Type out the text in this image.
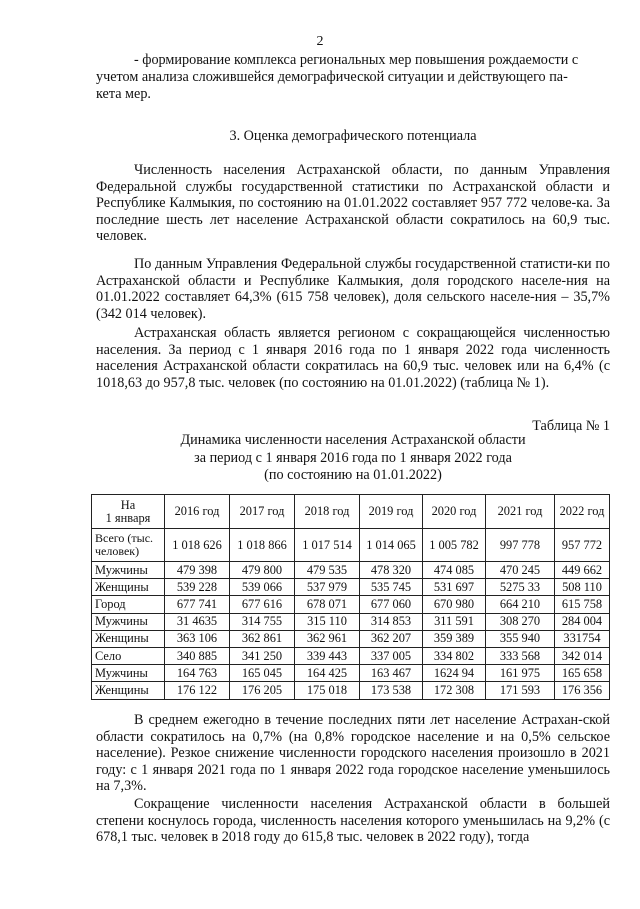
2

- формирование комплекса региональных мер повышения рождаемости с

учетом анализа сложившейся демографической ситуации и действующего па-

кета мер.

3. Оценка демографического потенциала

Численность населения Астраханской области, по данным Управления Федеральной службы государственной статистики по Астраханской области и Республике Калмыкия, по состоянию на 01.01.2022 составляет 957 772 челове-ка. За последние шесть лет население Астраханской области сократилось на 60,9 тыс. человек.

По данным Управления Федеральной службы государственной статисти-ки по Астраханской области и Республике Калмыкия, доля городского населе-ния на 01.01.2022 составляет 64,3% (615 758 человек), доля сельского населе-ния – 35,7% (342 014 человек).

Астраханская область является регионом с сокращающейся численностью населения. За период с 1 января 2016 года по 1 января 2022 года численность населения Астраханской области сократилась на 60,9 тыс. человек или на 6,4% (с 1018,63 до 957,8 тыс. человек (по состоянию на 01.01.2022) (таблица № 1).

Таблица № 1
Динамика численности населения Астраханской области
за период с 1 января 2016 года по 1 января 2022 года
(по состоянию на 01.01.2022)
На
1 января	2016 год	2017 год	2018 год	2019 год	2020 год	2021 год	2022 год

Всего (тыс.
человек)	1 018 626	1 018 866	1 017 514	1 014 065	1 005 782	997 778	957 772
Мужчины	479 398	479 800	479 535	478 320	474 085	470 245	449 662
Женщины	539 228	539 066	537 979	535 745	531 697	5275 33	508 110
Город	677 741	677 616	678 071	677 060	670 980	664 210	615 758
Мужчины	31 4635	314 755	315 110	314 853	311 591	308 270	284 004
Женщины	363 106	362 861	362 961	362 207	359 389	355 940	331754
Село	340 885	341 250	339 443	337 005	334 802	333 568	342 014
Мужчины	164 763	165 045	164 425	163 467	1624 94	161 975	165 658
Женщины	176 122	176 205	175 018	173 538	172 308	171 593	176 356

В среднем ежегодно в течение последних пяти лет население Астрахан-ской области сократилось на 0,7% (на 0,8% городское население и на 0,5% сельское население). Резкое снижение численности городского населения произошло в 2021 году: с 1 января 2021 года по 1 января 2022 года городское население уменьшилось на 7,3%.

Сокращение численности населения Астраханской области в большей степени коснулось города, численность населения которого уменьшилась на 9,2% (с 678,1 тыс. человек в 2018 году до 615,8 тыс. человек в 2022 году), тогда
